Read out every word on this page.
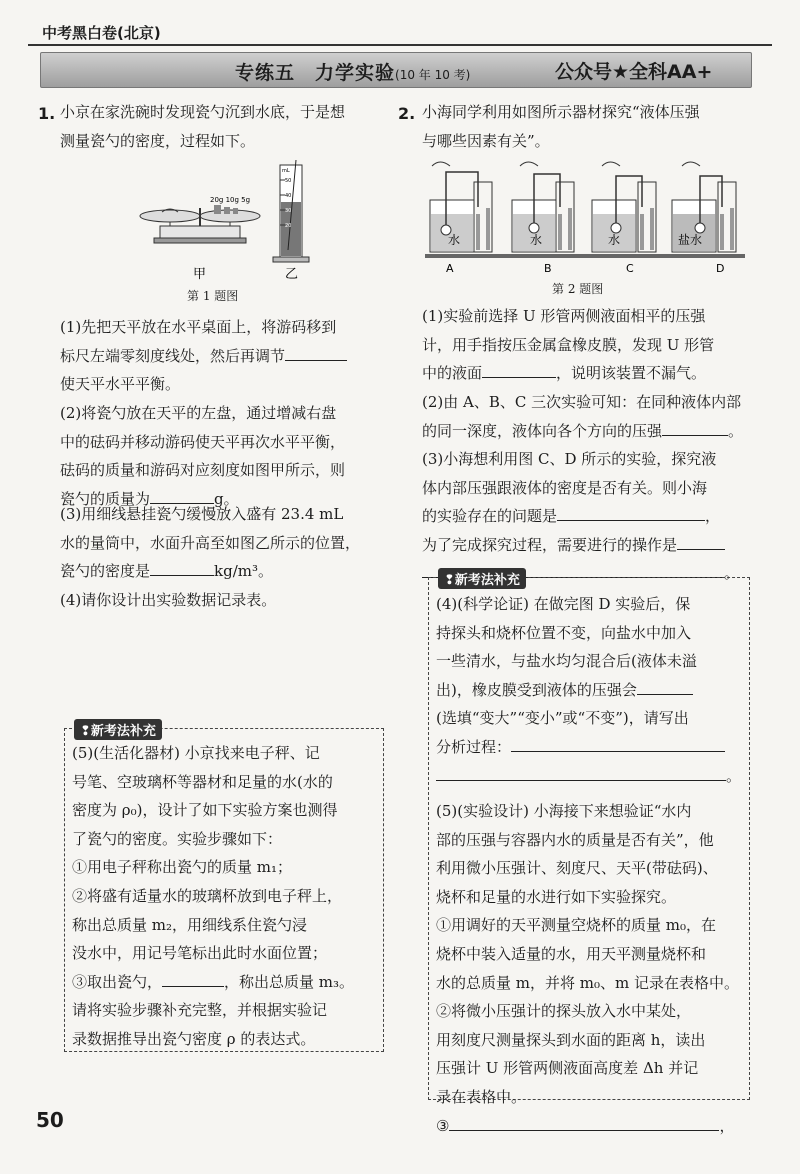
中考黑白卷(北京)
专练五　力学实验(10 年 10 考)	公众号★全科AA+
1. 小京在家洗碗时发现瓷勺沉到水底，于是想
测量瓷勺的密度，过程如下。
20g 10g 5g
甲
mL
50
40
30
20
乙
第 1 题图
(1)先把天平放在水平桌面上，将游码移到
标尺左端零刻度线处，然后再调节
使天平水平平衡。
(2)将瓷勺放在天平的左盘，通过增减右盘
中的砝码并移动游码使天平再次水平平衡，
砝码的质量和游码对应刻度如图甲所示，则
瓷勺的质量为	g。
(3)用细线悬挂瓷勺缓慢放入盛有 23.4 mL
水的量筒中，水面升高至如图乙所示的位置，
瓷勺的密度是	kg/m³。
(4)请你设计出实验数据记录表。
❢新考法补充
(5)(生活化器材) 小京找来电子秤、记
号笔、空玻璃杯等器材和足量的水(水的
密度为 ρ₀)，设计了如下实验方案也测得
了瓷勺的密度。实验步骤如下：
①用电子秤称出瓷勺的质量 m₁；
②将盛有适量水的玻璃杯放到电子秤上，
称出总质量 m₂，用细线系住瓷勺浸
没水中，用记号笔标出此时水面位置；
③取出瓷勺，	，称出总质量 m₃。
请将实验步骤补充完整，并根据实验记
录数据推导出瓷勺密度 ρ 的表达式。
2. 小海同学利用如图所示器材探究“液体压强
与哪些因素有关”。
水
A
水
B
水
C
盐水
D
第 2 题图
(1)实验前选择 U 形管两侧液面相平的压强
计，用手指按压金属盒橡皮膜，发现 U 形管
中的液面	，说明该装置不漏气。
(2)由 A、B、C 三次实验可知：在同种液体内部
的同一深度，液体向各个方向的压强	。
(3)小海想利用图 C、D 所示的实验，探究液
体内部压强跟液体的密度是否有关。则小海
的实验存在的问题是	，
为了完成探究过程，需要进行的操作是
。
❢新考法补充
(4)(科学论证) 在做完图 D 实验后，保
持探头和烧杯位置不变，向盐水中加入
一些清水，与盐水均匀混合后(液体未溢
出)，橡皮膜受到液体的压强会
(选填“变大”“变小”或“不变”)，请写出
分析过程：
。
(5)(实验设计) 小海接下来想验证“水内
部的压强与容器内水的质量是否有关”，他
利用微小压强计、刻度尺、天平(带砝码)、
烧杯和足量的水进行如下实验探究。
①用调好的天平测量空烧杯的质量 m₀，在
烧杯中装入适量的水，用天平测量烧杯和
水的总质量 m，并将 m₀、m 记录在表格中。
②将微小压强计的探头放入水中某处，
用刻度尺测量探头到水面的距离 h，读出
压强计 U 形管两侧液面高度差 Δh 并记
录在表格中。
③	，
50
